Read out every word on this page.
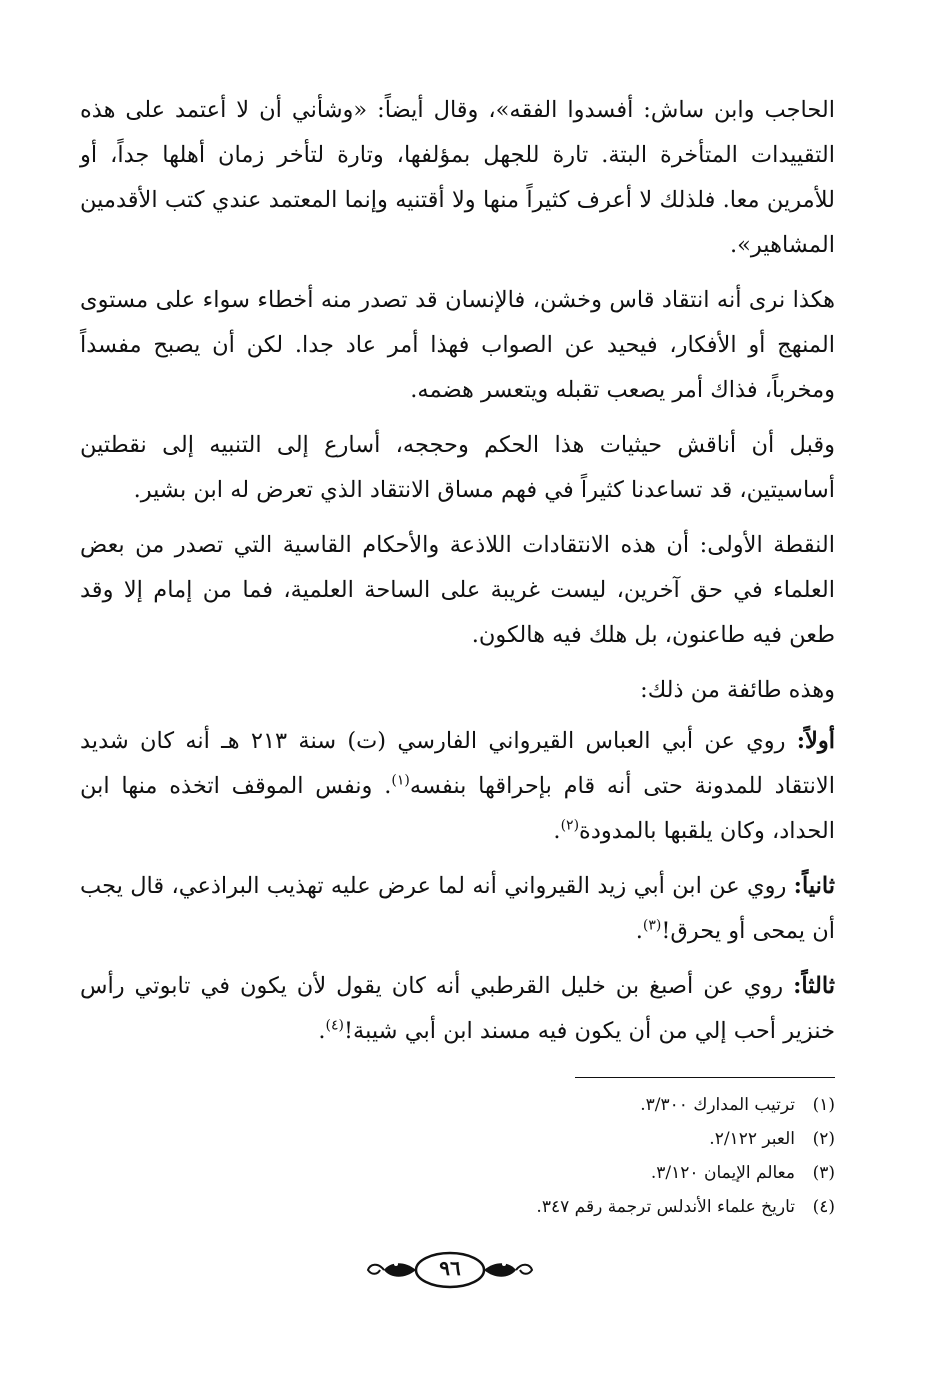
الحاجب وابن ساش: أفسدوا الفقه»، وقال أيضاً: «وشأني أن لا أعتمد على هذه التقييدات المتأخرة البتة. تارة للجهل بمؤلفها، وتارة لتأخر زمان أهلها جداً، أو للأمرين معا. فلذلك لا أعرف كثيراً منها ولا أقتنيه وإنما المعتمد عندي كتب الأقدمين المشاهير».

هكذا نرى أنه انتقاد قاس وخشن، فالإنسان قد تصدر منه أخطاء سواء على مستوى المنهج أو الأفكار، فيحيد عن الصواب فهذا أمر عاد جدا. لكن أن يصبح مفسداً ومخرباً، فذاك أمر يصعب تقبله ويتعسر هضمه.

وقبل أن أناقش حيثيات هذا الحكم وحججه، أسارع إلى التنبيه إلى نقطتين أساسيتين، قد تساعدنا كثيراً في فهم مساق الانتقاد الذي تعرض له ابن بشير.

النقطة الأولى: أن هذه الانتقادات اللاذعة والأحكام القاسية التي تصدر من بعض العلماء في حق آخرين، ليست غريبة على الساحة العلمية، فما من إمام إلا وقد طعن فيه طاعنون، بل هلك فيه هالكون.

وهذه طائفة من ذلك:

أولاً: روي عن أبي العباس القيرواني الفارسي (ت) سنة ٢١٣ هـ أنه كان شديد الانتقاد للمدونة حتى أنه قام بإحراقها بنفسه$^{(١)}$. ونفس الموقف اتخذه منها ابن الحداد، وكان يلقبها بالمدودة$^{(٢)}$.

ثانياً: روي عن ابن أبي زيد القيرواني أنه لما عرض عليه تهذيب البراذعي، قال يجب أن يمحى أو يحرق!$^{(٣)}$.

ثالثاً: روي عن أصبغ بن خليل القرطبي أنه كان يقول لأن يكون في تابوتي رأس خنزير أحب إلي من أن يكون فيه مسند ابن أبي شيبة!$^{(٤)}$.

(١)ترتيب المدارك ٣/٣٠٠.
(٢)العبر ٢/١٢٢.
(٣)معالم الإيمان ٣/١٢٠.
(٤)تاريخ علماء الأندلس ترجمة رقم ٣٤٧.
٩٦
